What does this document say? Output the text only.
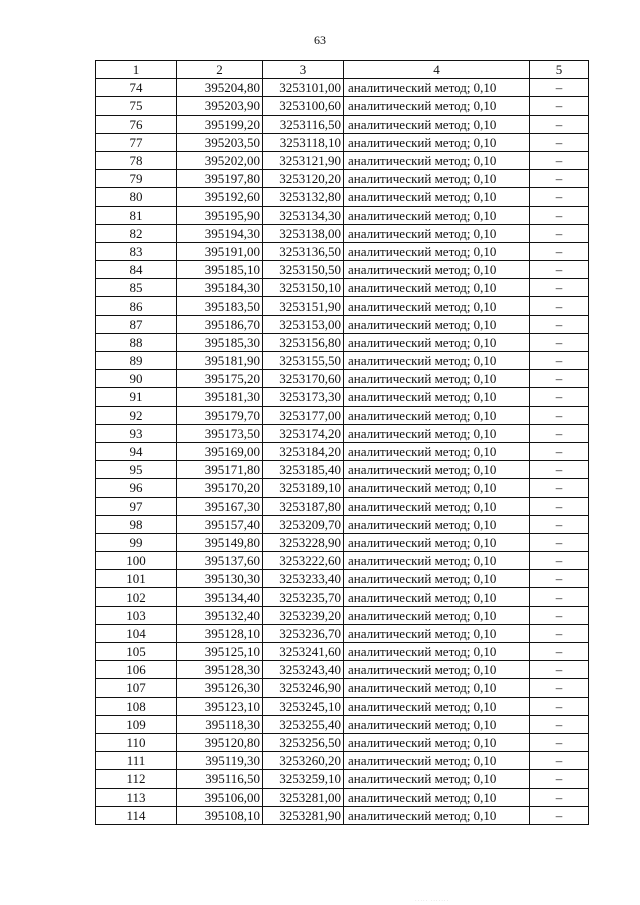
63
1	2	3	4	5
74	395204,80	3253101,00	аналитический метод; 0,10	–
75	395203,90	3253100,60	аналитический метод; 0,10	–
76	395199,20	3253116,50	аналитический метод; 0,10	–
77	395203,50	3253118,10	аналитический метод; 0,10	–
78	395202,00	3253121,90	аналитический метод; 0,10	–
79	395197,80	3253120,20	аналитический метод; 0,10	–
80	395192,60	3253132,80	аналитический метод; 0,10	–
81	395195,90	3253134,30	аналитический метод; 0,10	–
82	395194,30	3253138,00	аналитический метод; 0,10	–
83	395191,00	3253136,50	аналитический метод; 0,10	–
84	395185,10	3253150,50	аналитический метод; 0,10	–
85	395184,30	3253150,10	аналитический метод; 0,10	–
86	395183,50	3253151,90	аналитический метод; 0,10	–
87	395186,70	3253153,00	аналитический метод; 0,10	–
88	395185,30	3253156,80	аналитический метод; 0,10	–
89	395181,90	3253155,50	аналитический метод; 0,10	–
90	395175,20	3253170,60	аналитический метод; 0,10	–
91	395181,30	3253173,30	аналитический метод; 0,10	–
92	395179,70	3253177,00	аналитический метод; 0,10	–
93	395173,50	3253174,20	аналитический метод; 0,10	–
94	395169,00	3253184,20	аналитический метод; 0,10	–
95	395171,80	3253185,40	аналитический метод; 0,10	–
96	395170,20	3253189,10	аналитический метод; 0,10	–
97	395167,30	3253187,80	аналитический метод; 0,10	–
98	395157,40	3253209,70	аналитический метод; 0,10	–
99	395149,80	3253228,90	аналитический метод; 0,10	–
100	395137,60	3253222,60	аналитический метод; 0,10	–
101	395130,30	3253233,40	аналитический метод; 0,10	–
102	395134,40	3253235,70	аналитический метод; 0,10	–
103	395132,40	3253239,20	аналитический метод; 0,10	–
104	395128,10	3253236,70	аналитический метод; 0,10	–
105	395125,10	3253241,60	аналитический метод; 0,10	–
106	395128,30	3253243,40	аналитический метод; 0,10	–
107	395126,30	3253246,90	аналитический метод; 0,10	–
108	395123,10	3253245,10	аналитический метод; 0,10	–
109	395118,30	3253255,40	аналитический метод; 0,10	–
110	395120,80	3253256,50	аналитический метод; 0,10	–
111	395119,30	3253260,20	аналитический метод; 0,10	–
112	395116,50	3253259,10	аналитический метод; 0,10	–
113	395106,00	3253281,00	аналитический метод; 0,10	–
114	395108,10	3253281,90	аналитический метод; 0,10	–
····· ·······
